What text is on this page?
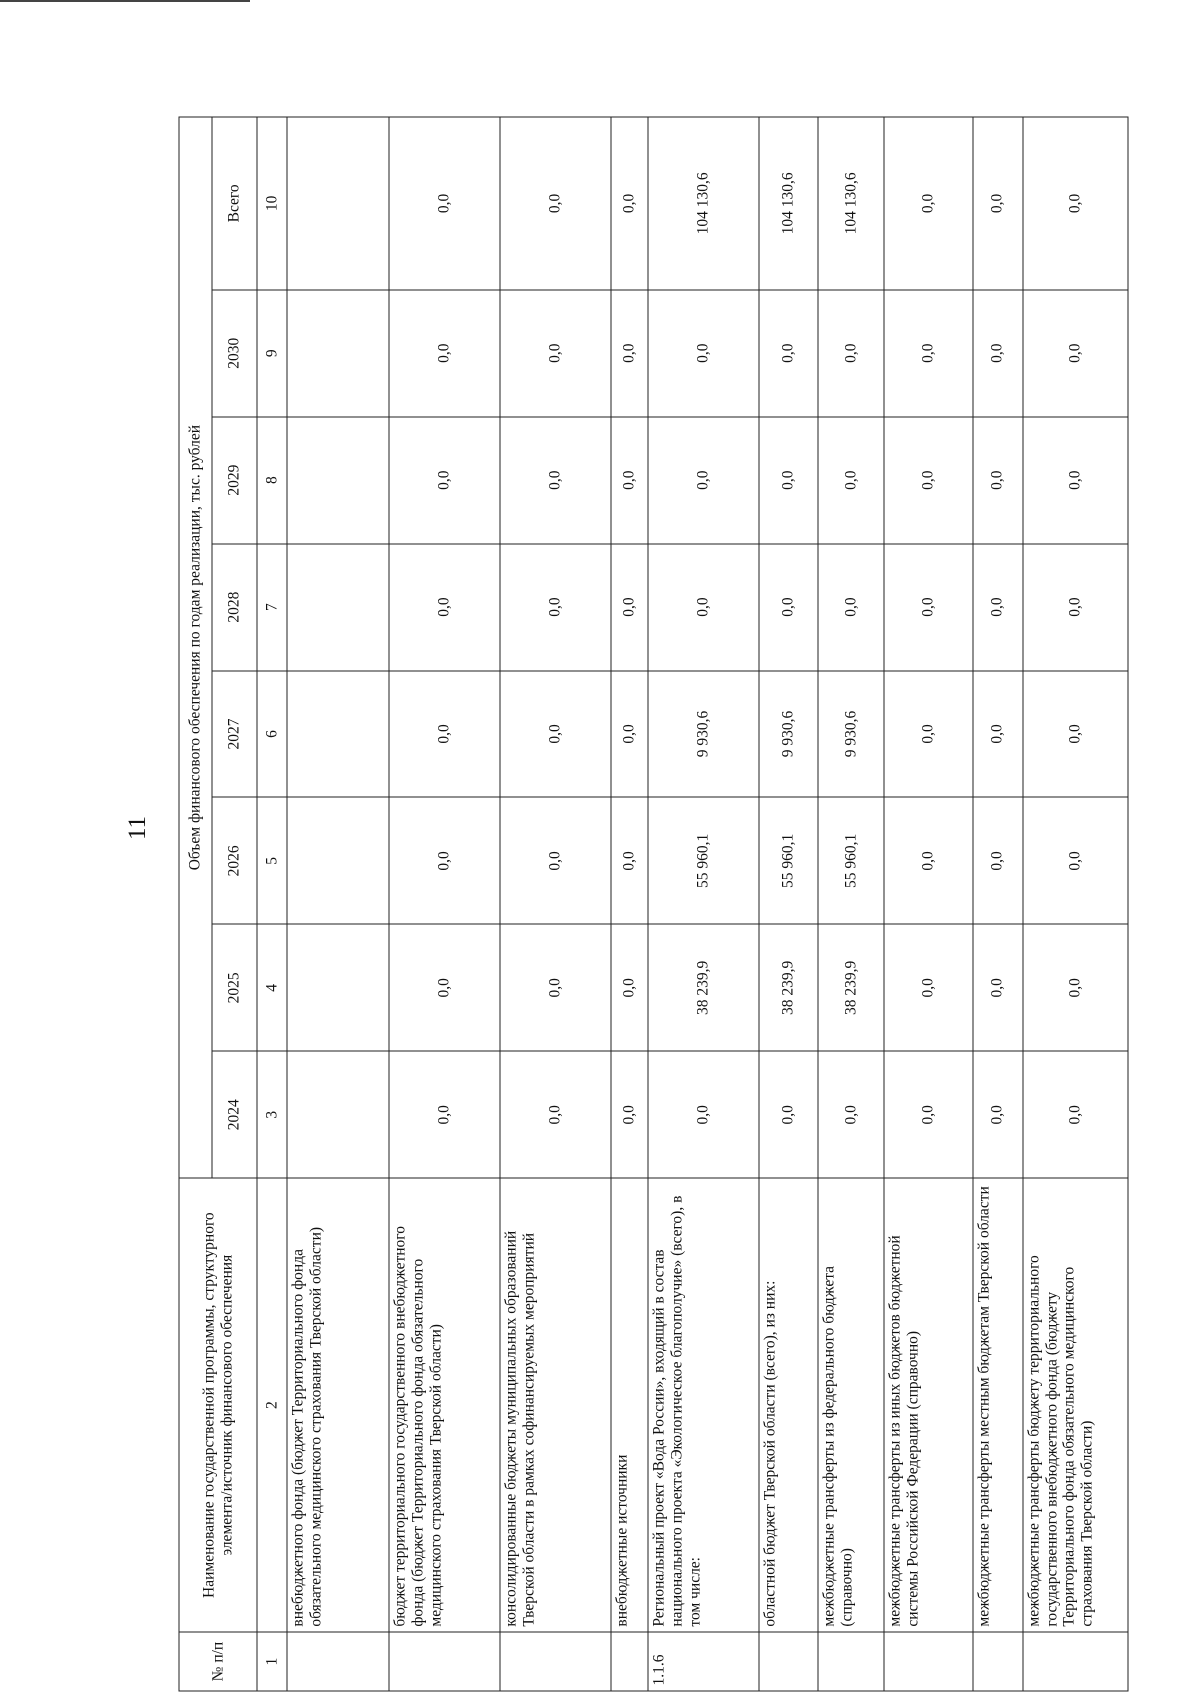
11
№ п/п	Наименование государственной программы, структурного элемента/источник финансового обеспечения	Объем финансового обеспечения по годам реализации, тыс. рублей							
		2024	2025	2026	2027	2028	2029	2030	Всего
1	2	3	4	5	6	7	8	9	10
	внебюджетного фонда (бюджет Территориального фонда обязательного медицинского страхования Тверской области)								
	бюджет территориального государственного внебюджетного фонда (бюджет Территориального фонда обязательного медицинского страхования Тверской области)	0,0	0,0	0,0	0,0	0,0	0,0	0,0	0,0
	консолидированные бюджеты муниципальных образований Тверской области в рамках софинансируемых мероприятий	0,0	0,0	0,0	0,0	0,0	0,0	0,0	0,0
	внебюджетные источники	0,0	0,0	0,0	0,0	0,0	0,0	0,0	0,0
1.1.6	Региональный проект «Вода России», входящий в состав национального проекта «Экологическое благополучие» (всего), в том числе:	0,0	38 239,9	55 960,1	9 930,6	0,0	0,0	0,0	104 130,6
	областной бюджет Тверской области (всего), из них:	0,0	38 239,9	55 960,1	9 930,6	0,0	0,0	0,0	104 130,6
	межбюджетные трансферты из федерального бюджета (справочно)	0,0	38 239,9	55 960,1	9 930,6	0,0	0,0	0,0	104 130,6
	межбюджетные трансферты из иных бюджетов бюджетной системы Российской Федерации (справочно)	0,0	0,0	0,0	0,0	0,0	0,0	0,0	0,0
	межбюджетные трансферты местным бюджетам Тверской области	0,0	0,0	0,0	0,0	0,0	0,0	0,0	0,0
	межбюджетные трансферты бюджету территориального государственного внебюджетного фонда (бюджету Территориального фонда обязательного медицинского страхования Тверской области)	0,0	0,0	0,0	0,0	0,0	0,0	0,0	0,0
